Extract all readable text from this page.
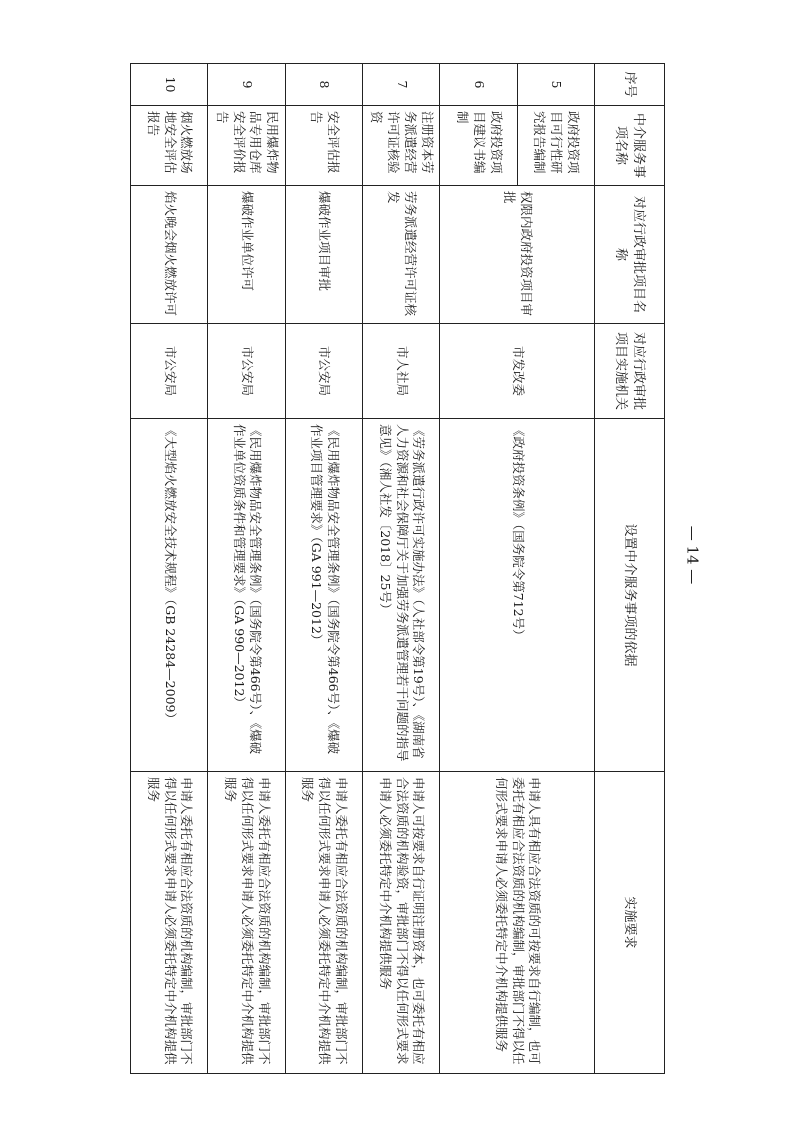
序号	中介服务事项名称	对应行政审批项目名称	对应行政审批项目实施机关	设置中介服务事项的依据	实施要求
5	政府投资项目可行性研究报告编制	权限内政府投资项目审批	市发改委	《政府投资条例》（国务院令第712号）	申请人具有相应合法资质的可按要求自行编制，也可委托有相应合法资质的机构编制，审批部门不得以任何形式要求申请人必须委托特定中介机构提供服务
6	政府投资项目建议书编制				
7	注册资本劳务派遣经营许可证核验资	劳务派遣经营许可证核发	市人社局	《劳务派遣行政许可实施办法》（人社部令第19号）、《湖南省人力资源和社会保障厅关于加强劳务派遣管理若干问题的指导意见》（湘人社发〔2018〕25号）	申请人可按要求自行证明注册资本，也可委托有相应合法资质的机构验资，审批部门不得以任何形式要求申请人必须委托特定中介机构提供服务
8	安全评估报告	爆破作业项目审批	市公安局	《民用爆炸物品安全管理条例》（国务院令第466号）、《爆破作业项目管理要求》（GA 991—2012）	申请人委托有相应合法资质的机构编制，审批部门不得以任何形式要求申请人必须委托特定中介机构提供服务
9	民用爆炸物品专用仓库安全评价报告	爆破作业单位许可	市公安局	《民用爆炸物品安全管理条例》（国务院令第466号）、《爆破作业单位资质条件和管理要求》（GA 990—2012）	申请人委托有相应合法资质的机构编制，审批部门不得以任何形式要求申请人必须委托特定中介机构提供服务
10	烟火燃放场地安全评估报告	焰火晚会烟火燃放许可	市公安局	《大型焰火燃放安全技术规程》（GB 24284—2009）	申请人委托有相应合法资质的机构编制，审批部门不得以任何形式要求申请人必须委托特定中介机构提供服务
— 14 —
